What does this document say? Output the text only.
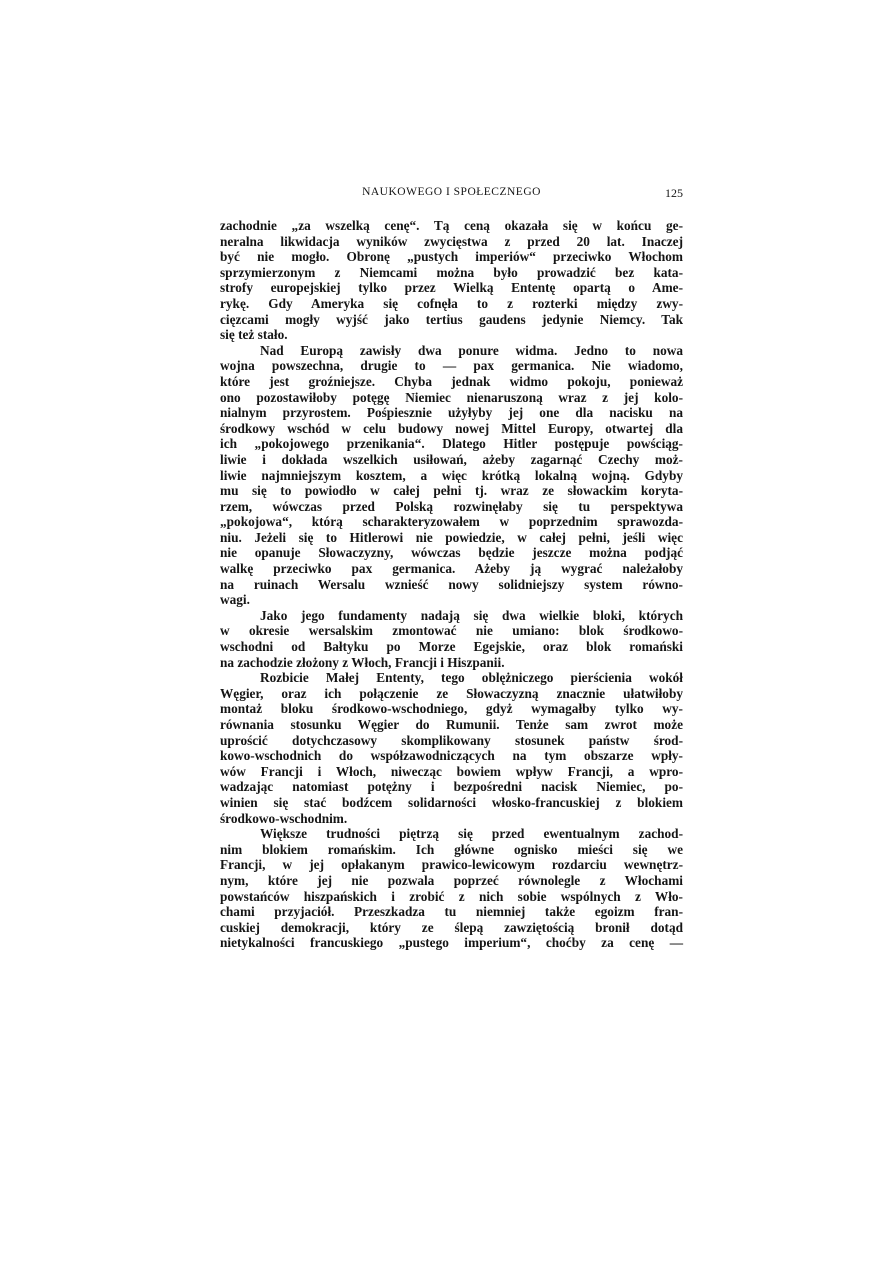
NAUKOWEGO I SPOŁECZNEGO	125
zachodnie „za wszelką cenę“. Tą ceną okazała się w końcu ge-
neralna likwidacja wyników zwycięstwa z przed 20 lat. Inaczej
być nie mogło. Obronę „pustych imperiów“ przeciwko Włochom
sprzymierzonym z Niemcami można było prowadzić bez kata-
strofy europejskiej tylko przez Wielką Ententę opartą o Ame-
rykę. Gdy Ameryka się cofnęła to z rozterki między zwy-
cięzcami mogły wyjść jako tertius gaudens jedynie Niemcy. Tak
się też stało.
Nad Europą zawisły dwa ponure widma. Jedno to nowa
wojna powszechna, drugie to — pax germanica. Nie wiadomo,
które jest groźniejsze. Chyba jednak widmo pokoju, ponieważ
ono pozostawiłoby potęgę Niemiec nienaruszoną wraz z jej kolo-
nialnym przyrostem. Pośpiesznie użyłyby jej one dla nacisku na
środkowy wschód w celu budowy nowej Mittel Europy, otwartej dla
ich „pokojowego przenikania“. Dlatego Hitler postępuje powściąg-
liwie i dokłada wszelkich usiłowań, ażeby zagarnąć Czechy moż-
liwie najmniejszym kosztem, a więc krótką lokalną wojną. Gdyby
mu się to powiodło w całej pełni tj. wraz ze słowackim koryta-
rzem, wówczas przed Polską rozwinęłaby się tu perspektywa
„pokojowa“, którą scharakteryzowałem w poprzednim sprawozda-
niu. Jeżeli się to Hitlerowi nie powiedzie, w całej pełni, jeśli więc
nie opanuje Słowaczyzny, wówczas będzie jeszcze można podjąć
walkę przeciwko pax germanica. Ażeby ją wygrać należałoby
na ruinach Wersalu wznieść nowy solidniejszy system równo-
wagi.
Jako jego fundamenty nadają się dwa wielkie bloki, których
w okresie wersalskim zmontować nie umiano: blok środkowo-
wschodni od Bałtyku po Morze Egejskie, oraz blok romański
na zachodzie złożony z Włoch, Francji i Hiszpanii.
Rozbicie Małej Ententy, tego oblężniczego pierścienia wokół
Węgier, oraz ich połączenie ze Słowaczyzną znacznie ułatwiłoby
montaż bloku środkowo-wschodniego, gdyż wymagałby tylko wy-
równania stosunku Węgier do Rumunii. Tenże sam zwrot może
uprościć dotychczasowy skomplikowany stosunek państw środ-
kowo-wschodnich do współzawodniczących na tym obszarze wpły-
wów Francji i Włoch, niwecząc bowiem wpływ Francji, a wpro-
wadzając natomiast potężny i bezpośredni nacisk Niemiec, po-
winien się stać bodźcem solidarności włosko-francuskiej z blokiem
środkowo-wschodnim.
Większe trudności piętrzą się przed ewentualnym zachod-
nim blokiem romańskim. Ich główne ognisko mieści się we
Francji, w jej opłakanym prawico-lewicowym rozdarciu wewnętrz-
nym, które jej nie pozwala poprzeć równolegle z Włochami
powstańców hiszpańskich i zrobić z nich sobie wspólnych z Wło-
chami przyjaciół. Przeszkadza tu niemniej także egoizm fran-
cuskiej demokracji, który ze ślepą zawziętością bronił dotąd
nietykalności francuskiego „pustego imperium“, choćby za cenę —
